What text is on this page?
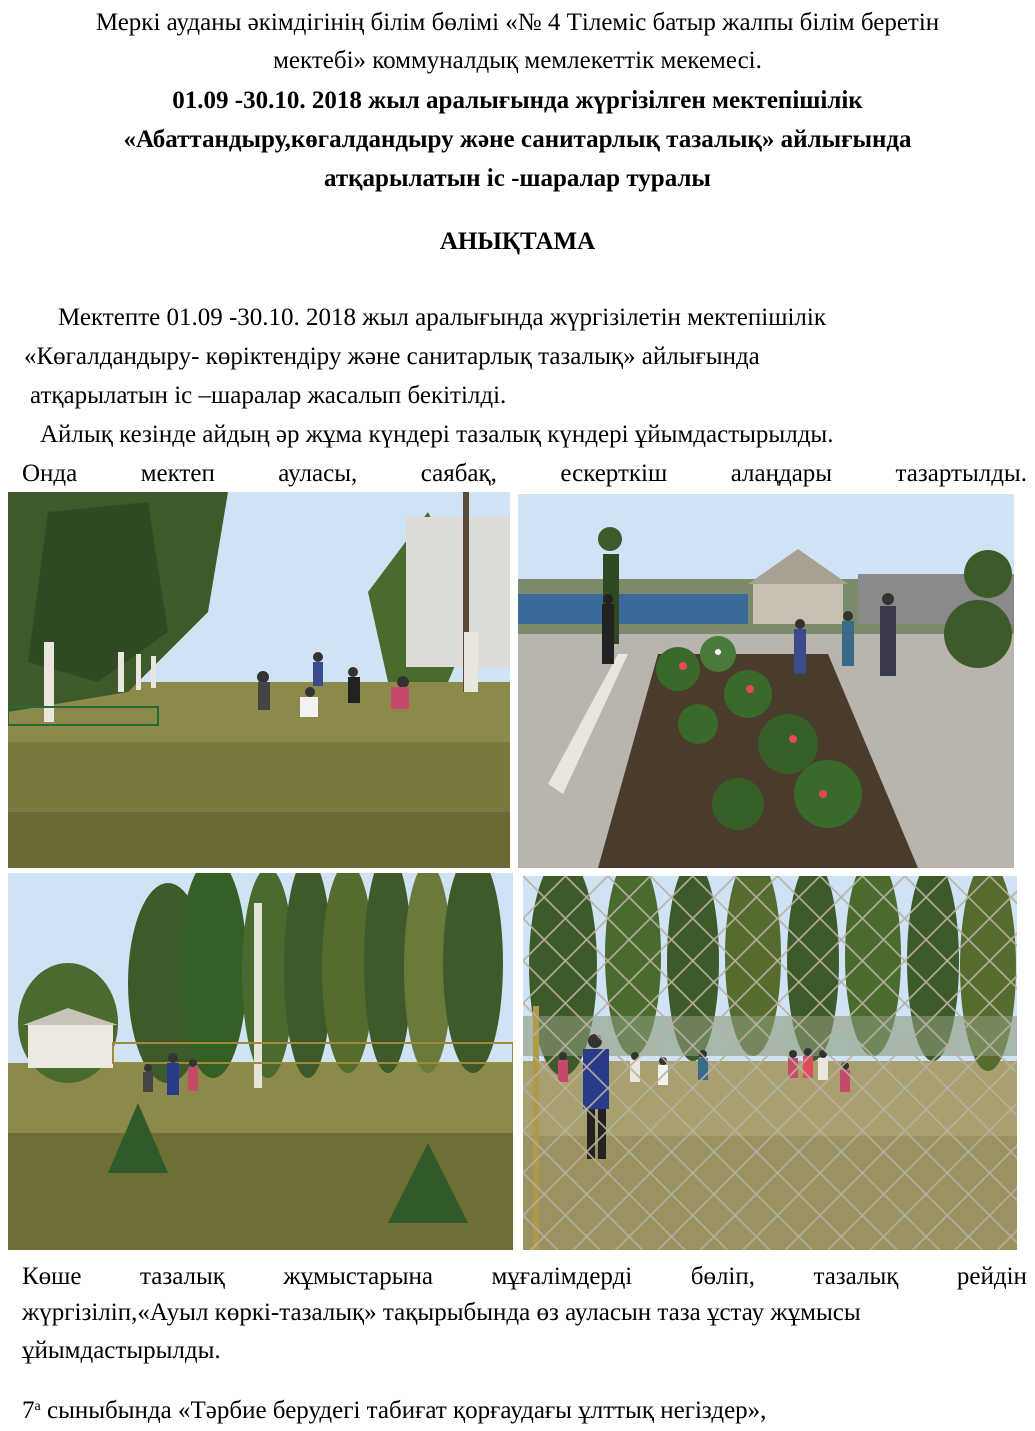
Меркі ауданы әкімдігінің білім бөлімі «№ 4 Тілеміс батыр жалпы білім беретін
мектебі» коммуналдық мемлекеттік мекемесі.
01.09 -30.10. 2018 жыл аралығында жүргізілген мектепішілік
«Абаттандыру,көгалдандыру және санитарлық тазалық» айлығында
атқарылатын іс -шаралар туралы
АНЫҚТАМА
Мектепте 01.09 -30.10. 2018 жыл аралығында жүргізілетін мектепішілік
«Көгалдандыру- көріктендіру және санитарлық тазалық» айлығында
атқарылатын іс –шаралар жасалып бекітілді.
Айлық кезінде айдың әр жұма күндері тазалық күндері ұйымдастырылды.
Онда	мектеп	ауласы,	саябақ,	ескерткіш	алаңдары	тазартылды.
Көше тазалық жұмыстарына мұғалімдерді бөліп, тазалық рейдін
жүргізіліп,«Ауыл көркі-тазалық» тақырыбында өз ауласын таза ұстау жұмысы
ұйымдастырылды.
$7^а$ сыныбында «Тәрбие берудегі табиғат қорғаудағы ұлттық негіздер»,
